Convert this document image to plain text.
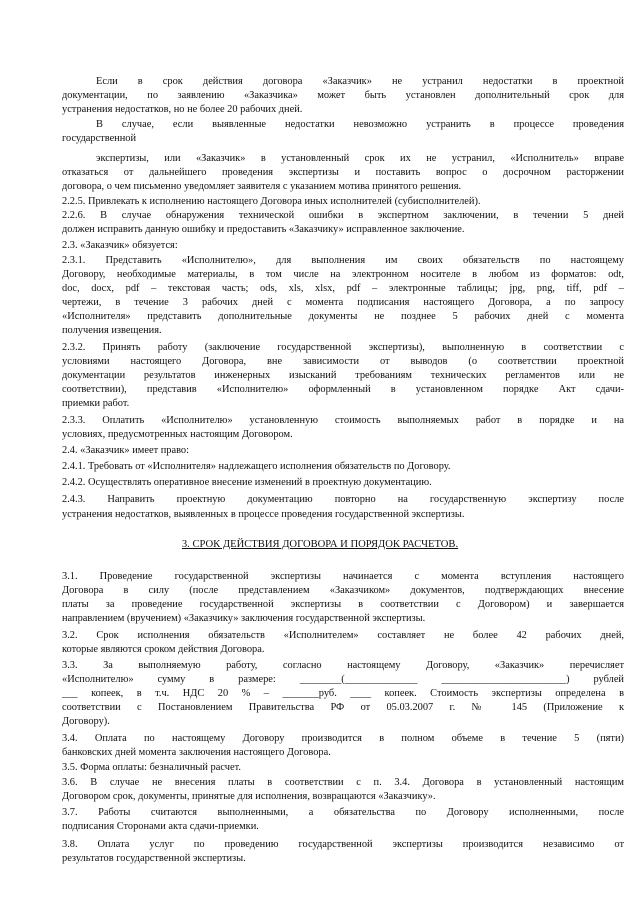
Если в срок действия договора «Заказчик» не устранил недостатки в проектной
документации, по заявлению «Заказчика» может быть установлен дополнительный срок для
устранения недостатков, но не более 20 рабочих дней.
В случае, если выявленные недостатки невозможно устранить в процессе проведения
государственной
экспертизы, или «Заказчик» в установленный срок их не устранил, «Исполнитель» вправе
отказаться от дальнейшего проведения экспертизы и поставить вопрос о досрочном расторжении
договора, о чем письменно уведомляет заявителя с указанием мотива принятого решения.
2.2.5. Привлекать к исполнению настоящего Договора иных исполнителей (субисполнителей).
2.2.6. В случае обнаружения технической ошибки в экспертном заключении, в течении 5 дней
должен исправить данную ошибку и предоставить «Заказчику» исправленное заключение.
2.3. «Заказчик» обязуется:
2.3.1. Представить «Исполнителю», для выполнения им своих обязательств по настоящему
Договору, необходимые материалы, в том числе на электронном носителе в любом из форматов: odt,
doc, docx, pdf – текстовая часть; ods, xls, xlsx, pdf – электронные таблицы; jpg, png, tiff, pdf –
чертежи, в течение 3 рабочих дней с момента подписания настоящего Договора, а по запросу
«Исполнителя» представить дополнительные документы не позднее 5 рабочих дней с момента
получения извещения.
2.3.2. Принять работу (заключение государственной экспертизы), выполненную в соответствии с
условиями настоящего Договора, вне зависимости от выводов (о соответствии проектной
документации результатов инженерных изысканий требованиям технических регламентов или не
соответствии), представив «Исполнителю» оформленный в установленном порядке Акт сдачи-
приемки работ.
2.3.3. Оплатить «Исполнителю» установленную стоимость выполняемых работ в порядке и на
условиях, предусмотренных настоящим Договором.
2.4. «Заказчик» имеет право:
2.4.1. Требовать от «Исполнителя» надлежащего исполнения обязательств по Договору.
2.4.2. Осуществлять оперативное внесение изменений в проектную документацию.
2.4.3. Направить проектную документацию повторно на государственную экспертизу после
устранения недостатков, выявленных в процессе проведения государственной экспертизы.
3. СРОК ДЕЙСТВИЯ ДОГОВОРА И ПОРЯДОК РАСЧЕТОВ.
3.1. Проведение государственной экспертизы начинается с момента вступления настоящего
Договора в силу (после представлением «Заказчиком» документов, подтверждающих внесение
платы за проведение государственной экспертизы в соответствии с Договором) и завершается
направлением (вручением) «Заказчику» заключения государственной экспертизы.
3.2. Срок исполнения обязательств «Исполнителем» составляет не более 42 рабочих дней,
которые являются сроком действия Договора.
3.3. За выполняемую работу, согласно настоящему Договору, «Заказчик» перечисляет
«Исполнителю» сумму в размере: ________(______________ ________________________) рублей
___ копеек, в т.ч. НДС 20 % – _______руб. ____ копеек. Стоимость экспертизы определена в
соответствии с Постановлением Правительства РФ от 05.03.2007 г. № 145 (Приложение к
Договору).
3.4. Оплата по настоящему Договору производится в полном объеме в течение 5 (пяти)
банковских дней момента заключения настоящего Договора.
3.5. Форма оплаты: безналичный расчет.
3.6. В случае не внесения платы в соответствии с п. 3.4. Договора в установленный настоящим
Договором срок, документы, принятые для исполнения, возвращаются «Заказчику».
3.7. Работы считаются выполненными, а обязательства по Договору исполненными, после
подписания Сторонами акта сдачи-приемки.
3.8. Оплата услуг по проведению государственной экспертизы производится независимо от
результатов государственной экспертизы.
